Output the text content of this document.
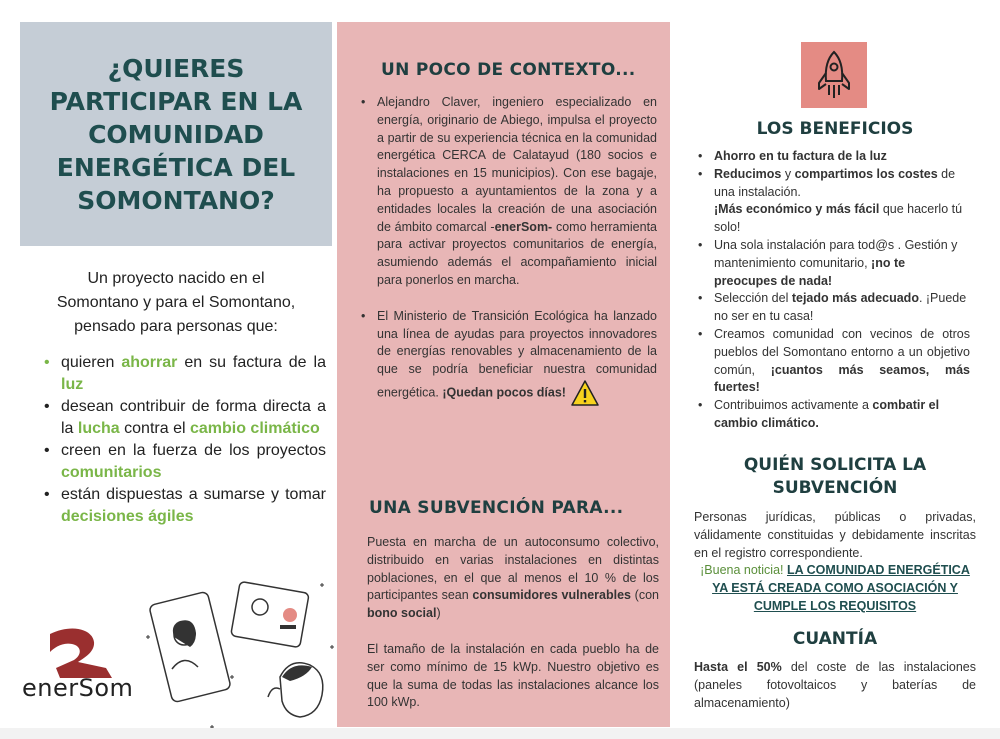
¿QUIERES PARTICIPAR EN LA COMUNIDAD ENERGÉTICA DEL SOMONTANO?

Un proyecto nacido en el
Somontano y para el Somontano,
pensado para personas que:

• quieren ahorrar en su factura de la luz
• desean contribuir de forma directa a la lucha contra el cambio climático
• creen en la fuerza de los proyectos comunitarios
• están dispuestas a sumarse y tomar decisiones ágiles
enerSom
UN POCO DE CONTEXTO...
• Alejandro Claver, ingeniero especializado en energía, originario de Abiego, impulsa el proyecto a partir de su experiencia técnica en la comunidad energética CERCA de Calatayud (180 socios e instalaciones en 15 municipios). Con ese bagaje, ha propuesto a ayuntamientos de la zona y a entidades locales la creación de una asociación de ámbito comarcal -enerSom- como herramienta para activar proyectos comunitarios de energía, asumiendo además el acompañamiento inicial para ponerlos en marcha.
• El Ministerio de Transición Ecológica ha lanzado una línea de ayudas para proyectos innovadores de energías renovables y almacenamiento de la que se podría beneficiar nuestra comunidad energética. ¡Quedan pocos días!
UNA SUBVENCIÓN PARA...

Puesta en marcha de un autoconsumo colectivo, distribuido en varias instalaciones en distintas poblaciones, en el que al menos el 10 % de los participantes sean consumidores vulnerables (con bono social)

El tamaño de la instalación en cada pueblo ha de ser como mínimo de 15 kWp. Nuestro objetivo es que la suma de todas las instalaciones alcance los 100 kWp.

LOS BENEFICIOS
• Ahorro en tu factura de la luz
• Reducimos y compartimos los costes de una instalación.
¡Más económico y más fácil que hacerlo tú solo!
• Una sola instalación para tod@s . Gestión y mantenimiento comunitario, ¡no te preocupes de nada!
• Selección del tejado más adecuado. ¡Puede no ser en tu casa!
• Creamos comunidad con vecinos de otros pueblos del Somontano entorno a un objetivo común, ¡cuantos más seamos, más fuertes!
• Contribuimos activamente a combatir el cambio climático.
QUIÉN SOLICITA LA SUBVENCIÓN

Personas jurídicas, públicas o privadas, válidamente constituidas y debidamente inscritas en el registro correspondiente.

¡Buena noticia! LA COMUNIDAD ENERGÉTICA YA ESTÁ CREADA COMO ASOCIACIÓN Y CUMPLE LOS REQUISITOS

CUANTÍA

Hasta el 50% del coste de las instalaciones (paneles fotovoltaicos y baterías de almacenamiento)
